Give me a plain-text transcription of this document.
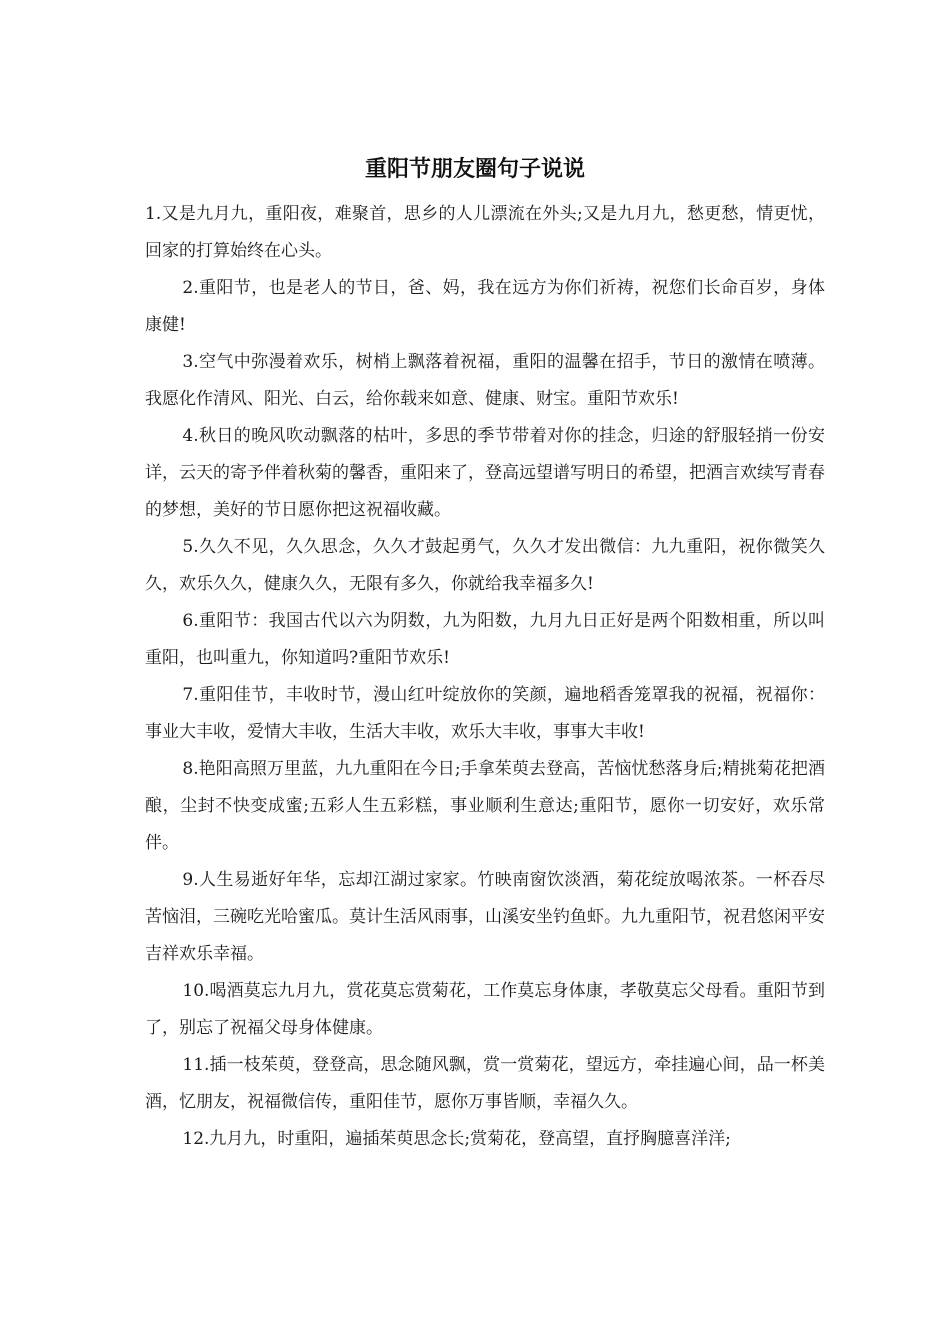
重阳节朋友圈句子说说

1.又是九月九，重阳夜，难聚首，思乡的人儿漂流在外头;又是九月九，愁更愁，情更忧，回家的打算始终在心头。

2.重阳节，也是老人的节日，爸、妈，我在远方为你们祈祷，祝您们长命百岁，身体康健!

3.空气中弥漫着欢乐，树梢上飘落着祝福，重阳的温馨在招手，节日的激情在喷薄。我愿化作清风、阳光、白云，给你载来如意、健康、财宝。重阳节欢乐!

4.秋日的晚风吹动飘落的枯叶，多思的季节带着对你的挂念，归途的舒服轻捎一份安详，云天的寄予伴着秋菊的馨香，重阳来了，登高远望谱写明日的希望，把酒言欢续写青春的梦想，美好的节日愿你把这祝福收藏。

5.久久不见，久久思念，久久才鼓起勇气，久久才发出微信：九九重阳，祝你微笑久久，欢乐久久，健康久久，无限有多久，你就给我幸福多久!

6.重阳节：我国古代以六为阴数，九为阳数，九月九日正好是两个阳数相重，所以叫重阳，也叫重九，你知道吗?重阳节欢乐!

7.重阳佳节，丰收时节，漫山红叶绽放你的笑颜，遍地稻香笼罩我的祝福，祝福你：事业大丰收，爱情大丰收，生活大丰收，欢乐大丰收，事事大丰收!

8.艳阳高照万里蓝，九九重阳在今日;手拿茱萸去登高，苦恼忧愁落身后;精挑菊花把酒酿，尘封不快变成蜜;五彩人生五彩糕，事业顺利生意达;重阳节，愿你一切安好，欢乐常伴。

9.人生易逝好年华，忘却江湖过家家。竹映南窗饮淡酒，菊花绽放喝浓茶。一杯吞尽苦恼泪，三碗吃光哈蜜瓜。莫计生活风雨事，山溪安坐钓鱼虾。九九重阳节，祝君悠闲平安吉祥欢乐幸福。

10.喝酒莫忘九月九，赏花莫忘赏菊花，工作莫忘身体康，孝敬莫忘父母看。重阳节到了，别忘了祝福父母身体健康。

11.插一枝茱萸，登登高，思念随风飘，赏一赏菊花，望远方，牵挂遍心间，品一杯美酒，忆朋友，祝福微信传，重阳佳节，愿你万事皆顺，幸福久久。

12.九月九，时重阳，遍插茱萸思念长;赏菊花，登高望，直抒胸臆喜洋洋;
